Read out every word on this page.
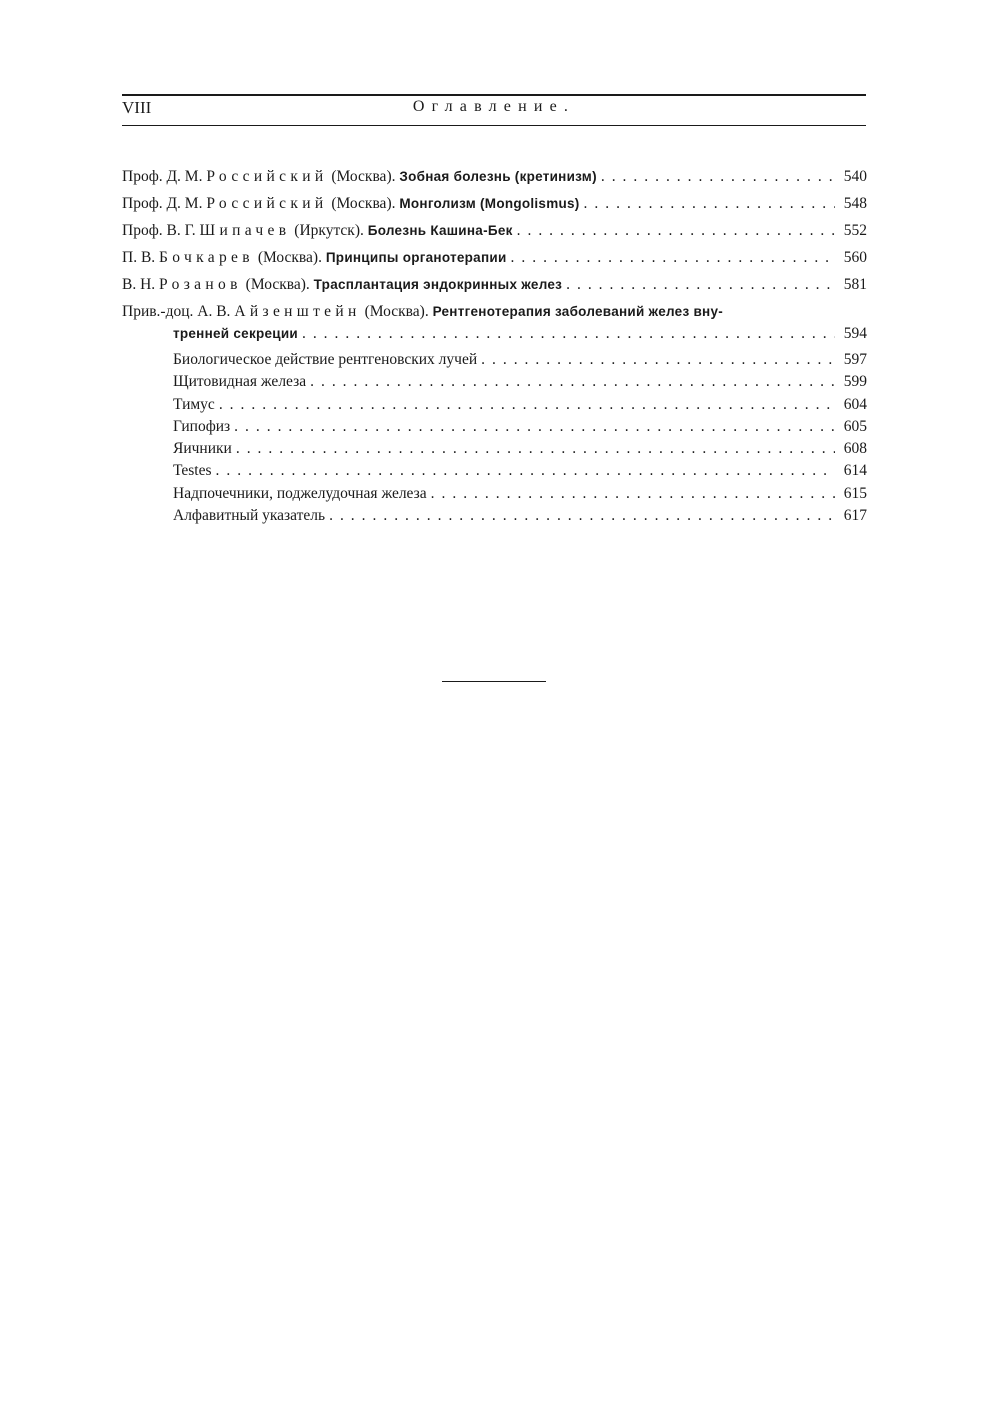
VIII	Оглавление.
Проф. Д. М. Российский (Москва). Зобная болезнь (кретинизм) . . .	540
Проф. Д. М. Российский (Москва). Монголизм (Mongolismus) . . .	548
Проф. В. Г. Шипачев (Иркутск). Болезнь Кашина-Бек . . .	552
П. В. Бочкарев (Москва). Принципы органотерапии . . .	560
В. Н. Розанов (Москва). Трасплантация эндокринных желез . . .	581
Прив.-доц. А. В. Айзенштейн (Москва). Рентгенотерапия заболеваний желез вну-
тренней секреции . . .	594
Биологическое действие рентгеновских лучей . . .	597
Щитовидная железа . . .	599
Тимус . . .	604
Гипофиз . . .	605
Яичники . . .	608
Testes . . .	614
Надпочечники, поджелудочная железа . . .	615
Алфавитный указатель . . .	617
